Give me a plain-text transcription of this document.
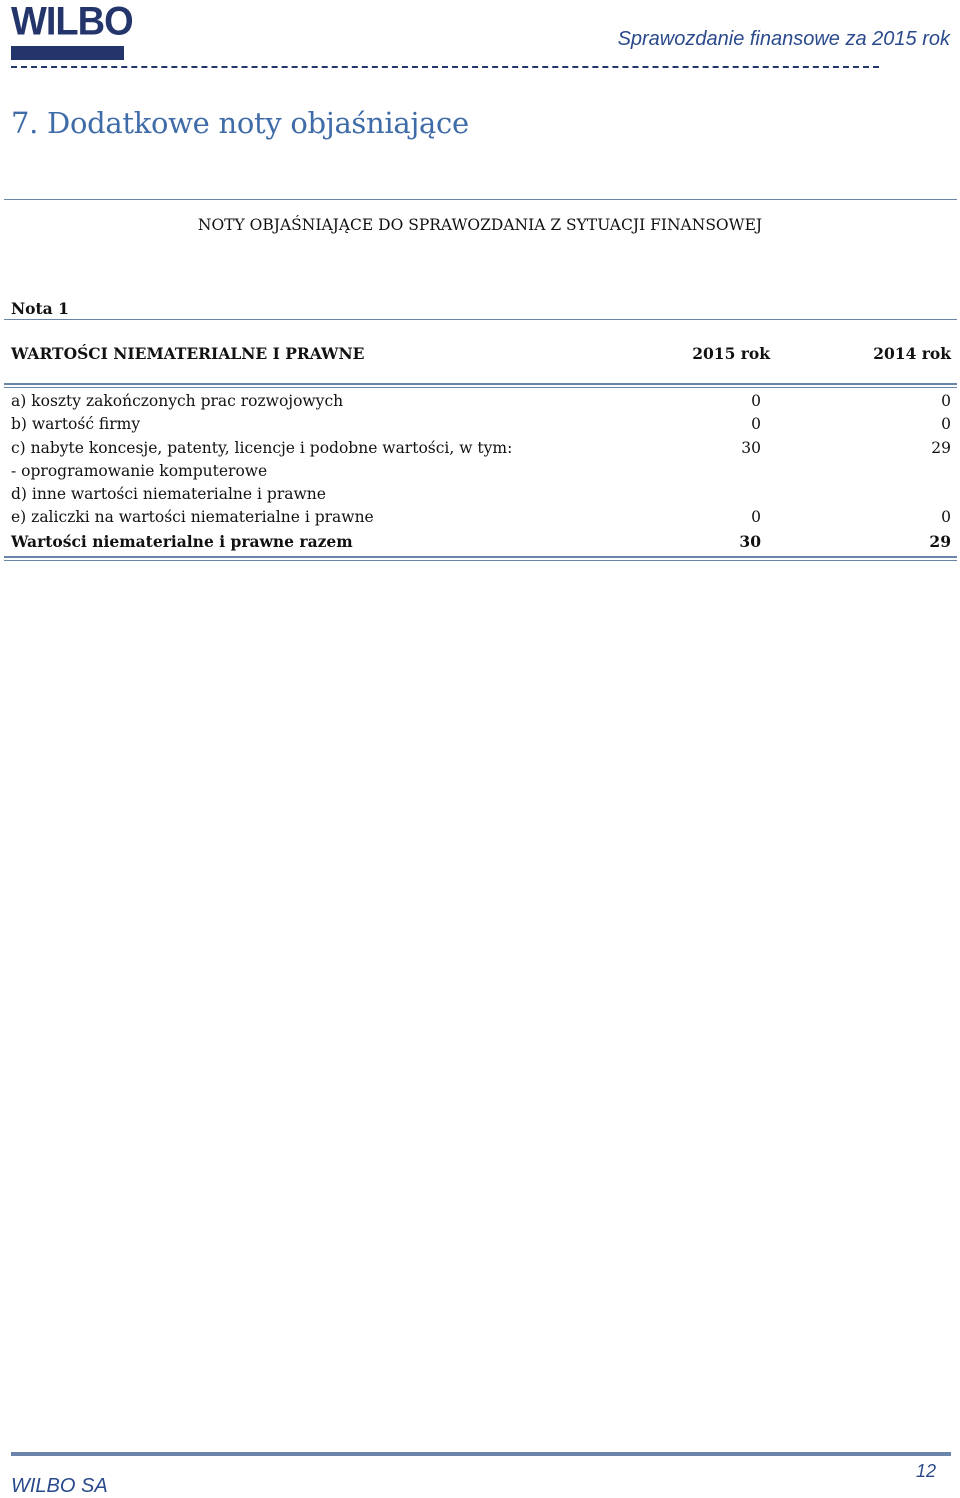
WILBO	Sprawozdanie finansowe za 2015 rok
7. Dodatkowe noty objaśniające
NOTY OBJAŚNIAJĄCE DO SPRAWOZDANIA Z SYTUACJI FINANSOWEJ
Nota 1
WARTOŚCI NIEMATERIALNE I PRAWNE	2015 rok	2014 rok
a) koszty zakończonych prac rozwojowych	0	0
b) wartość firmy	0	0
c) nabyte koncesje, patenty, licencje i podobne wartości, w tym:	30	29
- oprogramowanie komputerowe
d) inne wartości niematerialne i prawne
e) zaliczki na wartości niematerialne i prawne	0	0
Wartości niematerialne i prawne razem	30	29
WILBO SA
12
